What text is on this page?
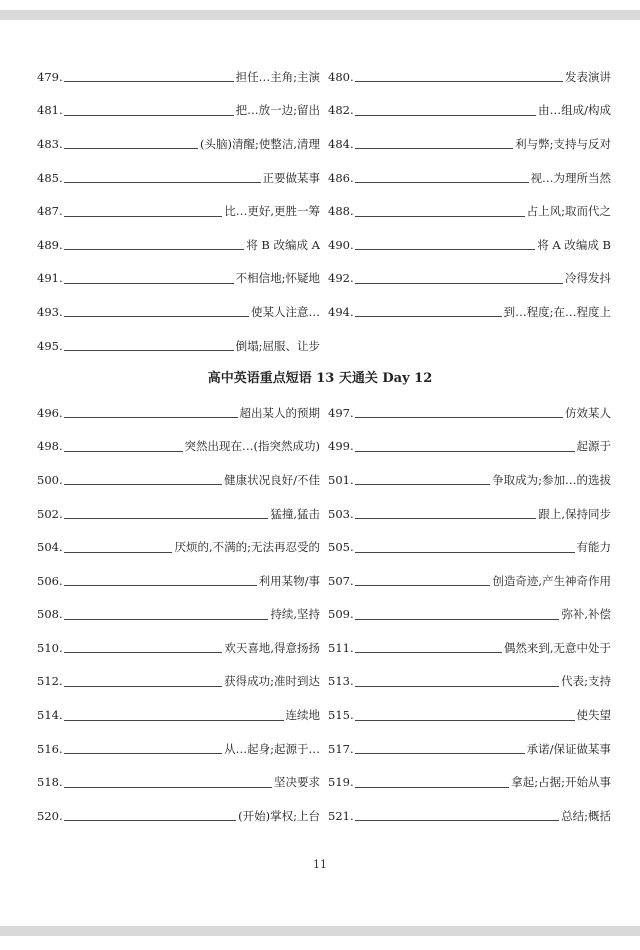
479.	担任…主角;主演 480.	发表演讲
481.	把…放一边;留出 482.	由…组成/构成
483.	(头脑)清醒;使整洁,清理 484.	利与弊;支持与反对
485.	正要做某事 486.	视…为理所当然
487.	比…更好,更胜一筹 488.	占上风;取而代之
489.	将 B 改编成 A 490.	将 A 改编成 B
491.	不相信地;怀疑地 492.	冷得发抖
493.	使某人注意… 494.	到…程度;在…程度上
495.	倒塌;屈服、让步
高中英语重点短语 13 天通关 Day 12
496.	超出某人的预期 497.	仿效某人
498.	突然出现在…(指突然成功) 499.	起源于
500.	健康状况良好/不佳 501.	争取成为;参加…的选拔
502.	猛撞,猛击 503.	跟上,保持同步
504.	厌烦的,不满的;无法再忍受的 505.	有能力
506.	利用某物/事 507.	创造奇迹,产生神奇作用
508.	持续,坚持 509.	弥补,补偿
510.	欢天喜地,得意扬扬 511.	偶然来到,无意中处于
512.	获得成功;准时到达 513.	代表;支持
514.	连续地 515.	使失望
516.	从…起身;起源于… 517.	承诺/保证做某事
518.	坚决要求 519.	拿起;占据;开始从事
520.	(开始)掌权;上台 521.	总结;概括
11
